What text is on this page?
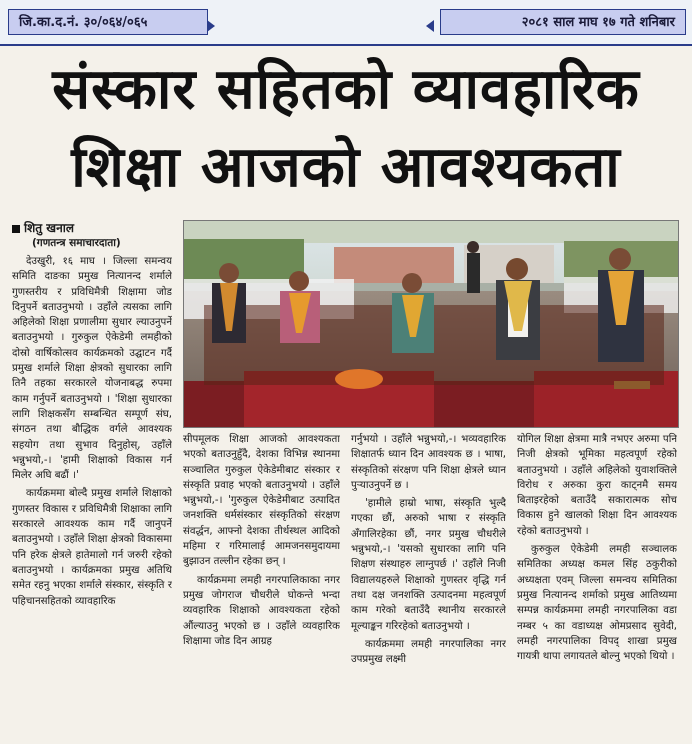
जि.का.द.नं. ३०/०६४/०६५	२०८१ साल माघ १७ गते शनिबार
संस्कार सहितको व्यावहारिक
शिक्षा आजको आवश्यकता
शितु खनाल
(गणतन्त्र समाचारदाता)

देउखुरी, १६ माघ । जिल्ला समन्वय समिति दाङका प्रमुख नित्यानन्द शर्माले गुणस्तरीय र प्रविधिमैत्री शिक्षामा जोड दिनुपर्ने बताउनुभयो । उहाँले त्यसका लागि अहिलेको शिक्षा प्रणालीमा सुधार ल्याउनुपर्ने बताउनुभयो । गुरुकुल ऐकेडेमी लमहीको दोस्रो वार्षिकोत्सव कार्यक्रमको उद्घाटन गर्दै प्रमुख शर्माले शिक्षा क्षेत्रको सुधारका लागि तिनै तहका सरकारले योजनाबद्ध रुपमा काम गर्नुपर्ने बताउनुभयो । 'शिक्षा सुधारका लागि शिक्षकसँग सम्बन्धित सम्पूर्ण संघ, संगठन तथा बौद्धिक वर्गले आवश्यक सहयोग तथा सुभाव दिनुहोस्, उहाँले भन्नुभयो,-। 'हामी शिक्षाको विकास गर्न मिलेर अघि बढौं ।'

कार्यक्रममा बोल्दै प्रमुख शर्माले शिक्षाको गुणस्तर विकास र प्रविधिमैत्री शिक्षाका लागि सरकारले आवश्यक काम गर्दै जानुपर्ने बताउनुभयो । उहाँले शिक्षा क्षेत्रको विकासमा पनि हरेक क्षेत्रले हातेमालो गर्न जरुरी रहेको बताउनुभयो । कार्यक्रमका प्रमुख अतिथि समेत रहनु भएका शर्माले संस्कार, संस्कृति र पहिचानसहितको व्यावहारिक

सीपमूलक शिक्षा आजको आवश्यकता भएको बताउनुहुँदै, देशका विभिन्न स्थानमा सञ्चालित गुरुकुल ऐकेडेमीबाट संस्कार र संस्कृति प्रवाह भएको बताउनुभयो । उहाँले भन्नुभयो,-। 'गुरुकुल ऐकेडेमीबाट उत्पादित जनशक्ति धर्मसंस्कार संस्कृतिको संरक्षण संवर्द्धन, आफ्नो देशका तीर्थस्थल आदिको महिमा र गरिमालाई आमजनसमुदायमा बुझाउन तल्लीन रहेका छन् ।

कार्यक्रममा लमही नगरपालिकाका नगर प्रमुख जोगराज चौधरीले घोकन्ते भन्दा व्यवहारिक शिक्षाको आवश्यकता रहेको औंल्याउनु भएको छ । उहाँले व्यवहारिक शिक्षामा जोड दिन आग्रह

गर्नुभयो । उहाँले भन्नुभयो,-। भव्यवहारिक शिक्षातर्फ ध्यान दिन आवश्यक छ । भाषा, संस्कृतिको संरक्षण पनि शिक्षा क्षेत्रले ध्यान पुऱ्याउनुपर्ने छ ।

'हामीले हाम्रो भाषा, संस्कृति भुल्दै गएका छौं, अरुको भाषा र संस्कृति अँगालिरहेका छौं, नगर प्रमुख चौधरीले भन्नुभयो,-। 'यसको सुधारका लागि पनि शिक्षण संस्थाहरु लाग्नुपर्छ ।' उहाँले निजी विद्यालयहरुले शिक्षाको गुणस्तर वृद्धि गर्न तथा दक्ष जनशक्ति उत्पादनमा महत्वपूर्ण काम गरेको बताउँदै स्थानीय सरकारले मूल्याङ्कन गरिरहेको बताउनुभयो ।

कार्यक्रममा लमही नगरपालिका नगर उपप्रमुख लक्ष्मी

योगिल शिक्षा क्षेत्रमा मात्रै नभएर अरुमा पनि निजी क्षेत्रको भूमिका महत्वपूर्ण रहेको बताउनुभयो । उहाँले अहिलेको युवाशक्तिले विरोध र अरुका कुरा काट्नमै समय बिताइरहेको बताउँदै सकारात्मक सोच विकास हुने खालको शिक्षा दिन आवश्यक रहेको बताउनुभयो ।

कुरुकुल ऐकेडेमी लमही सञ्चालक समितिका अध्यक्ष कमल सिंह ठकुरीको अध्यक्षता एवम् जिल्ला समन्वय समितिका प्रमुख नित्यानन्द शर्माको प्रमुख आतिथ्यमा सम्पन्न कार्यक्रममा लमही नगरपालिका वडा नम्बर ५ का वडाध्यक्ष ओमप्रसाद सुवेदी, लमही नगरपालिका विपद् शाखा प्रमुख गायत्री थापा लगायतले बोल्नु भएको थियो ।
